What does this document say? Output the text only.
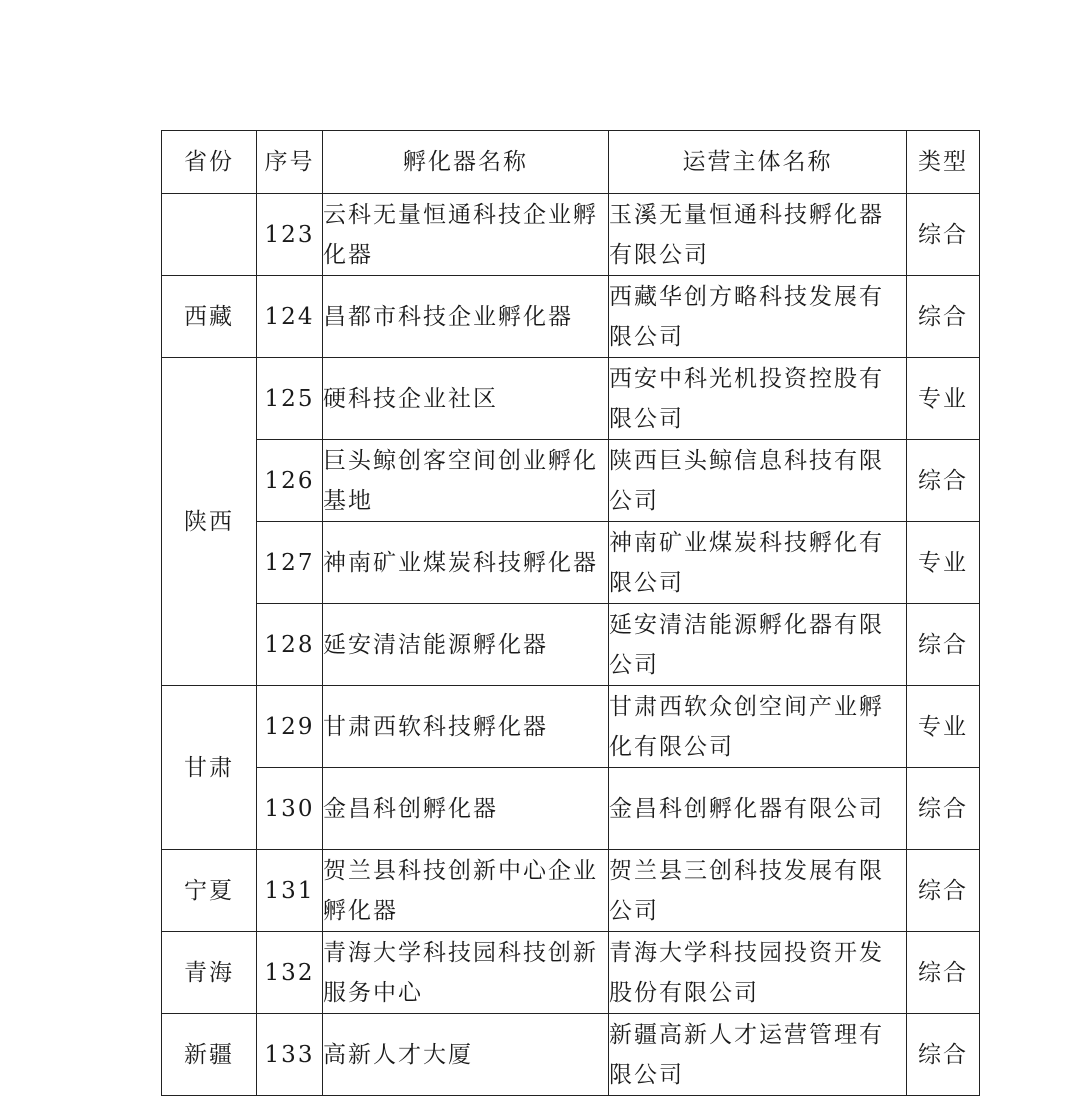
省份	序号	孵化器名称	运营主体名称	类型
	123	云科无量恒通科技企业孵化器	玉溪无量恒通科技孵化器有限公司	综合
西藏	124	昌都市科技企业孵化器	西藏华创方略科技发展有限公司	综合
陕西	125	硬科技企业社区	西安中科光机投资控股有限公司	专业
	126	巨头鲸创客空间创业孵化基地	陕西巨头鲸信息科技有限公司	综合
	127	神南矿业煤炭科技孵化器	神南矿业煤炭科技孵化有限公司	专业
	128	延安清洁能源孵化器	延安清洁能源孵化器有限公司	综合
甘肃	129	甘肃西软科技孵化器	甘肃西软众创空间产业孵化有限公司	专业
	130	金昌科创孵化器	金昌科创孵化器有限公司	综合
宁夏	131	贺兰县科技创新中心企业孵化器	贺兰县三创科技发展有限公司	综合
青海	132	青海大学科技园科技创新服务中心	青海大学科技园投资开发股份有限公司	综合
新疆	133	高新人才大厦	新疆高新人才运营管理有限公司	综合
